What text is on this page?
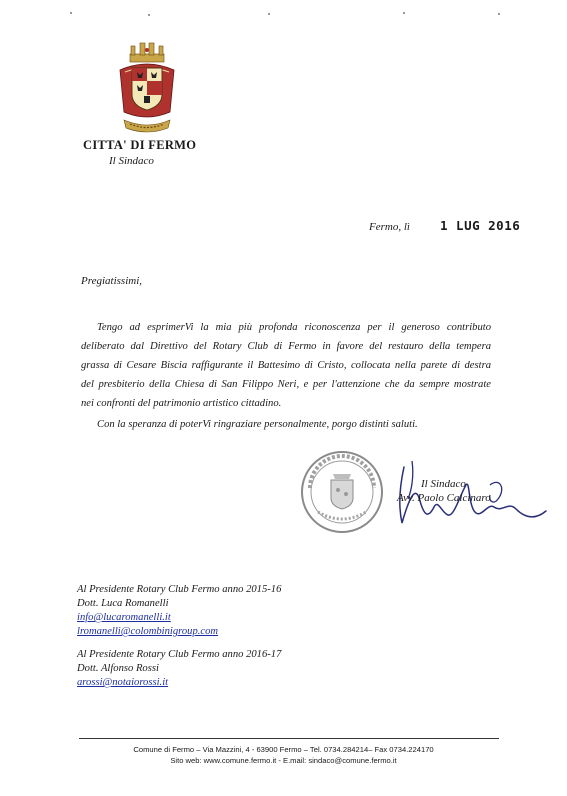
CITTA' DI FERMO
Il Sindaco
Fermo, lì 1 LUG 2016
Pregiatissimi,
Tengo ad esprimerVi la mia più profonda riconoscenza per il generoso contributo
deliberato dal Direttivo del Rotary Club di Fermo in favore del restauro della tempera
grassa di Cesare Biscia raffigurante il Battesimo di Cristo, collocata nella parete di destra
del presbiterio della Chiesa di San Filippo Neri, e per l'attenzione che da sempre mostrate
nei confronti del patrimonio artistico cittadino.
Con la speranza di poterVi ringraziare personalmente, porgo distinti saluti.
Il Sindaco
Avv. Paolo Calcinaro
Al Presidente Rotary Club Fermo anno 2015-16
Dott. Luca Romanelli
info@lucaromanelli.it
lromanelli@colombinigroup.com
Al Presidente Rotary Club Fermo anno 2016-17
Dott. Alfonso Rossi
arossi@notaiorossi.it
Comune di Fermo – Via Mazzini, 4 - 63900 Fermo – Tel. 0734.284214– Fax 0734.224170
Sito web: www.comune.fermo.it - E.mail: sindaco@comune.fermo.it
